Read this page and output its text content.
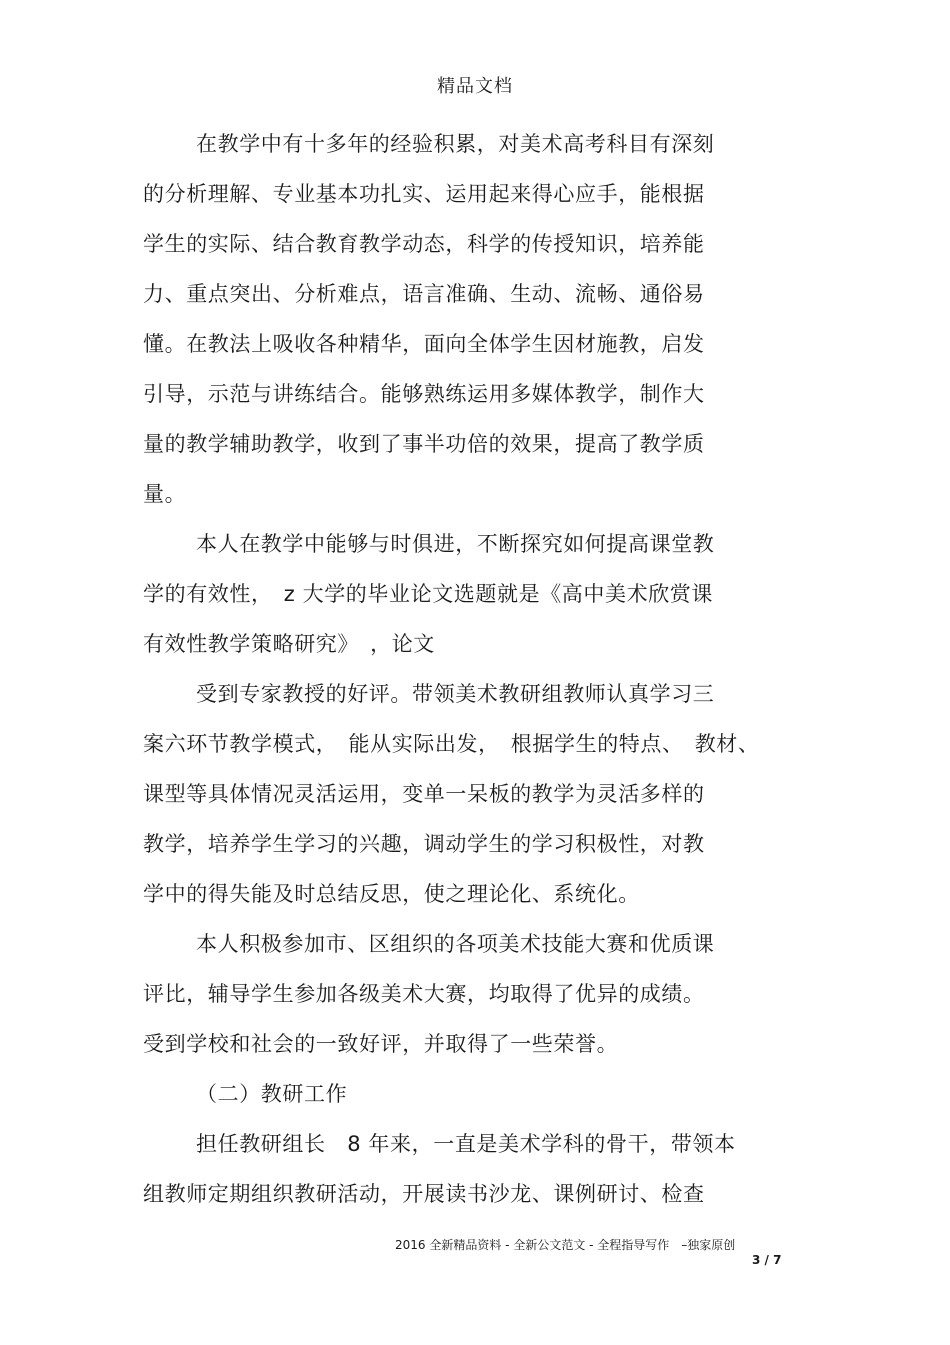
精品文档
在教学中有十多年的经验积累，对美术高考科目有深刻
的分析理解、专业基本功扎实、运用起来得心应手，能根据
学生的实际、结合教育教学动态，科学的传授知识，培养能
力、重点突出、分析难点，语言准确、生动、流畅、通俗易
懂。在教法上吸收各种精华，面向全体学生因材施教，启发
引导，示范与讲练结合。能够熟练运用多媒体教学，制作大
量的教学辅助教学，收到了事半功倍的效果，提高了教学质
量。
本人在教学中能够与时俱进，不断探究如何提高课堂教
学的有效性，　z 大学的毕业论文选题就是《高中美术欣赏课
有效性教学策略研究》　，论文
受到专家教授的好评。带领美术教研组教师认真学习三
案六环节教学模式，　能从实际出发，　根据学生的特点、　教材、
课型等具体情况灵活运用，变单一呆板的教学为灵活多样的
教学，培养学生学习的兴趣，调动学生的学习积极性，对教
学中的得失能及时总结反思，使之理论化、系统化。
本人积极参加市、区组织的各项美术技能大赛和优质课
评比，辅导学生参加各级美术大赛，均取得了优异的成绩。
受到学校和社会的一致好评，并取得了一些荣誉。
（二）教研工作
担任教研组长　8 年来，一直是美术学科的骨干，带领本
组教师定期组织教研活动，开展读书沙龙、课例研讨、检查
2016 全新精品资料 - 全新公文范文 - 全程指导写作　–独家原创
3 / 7
